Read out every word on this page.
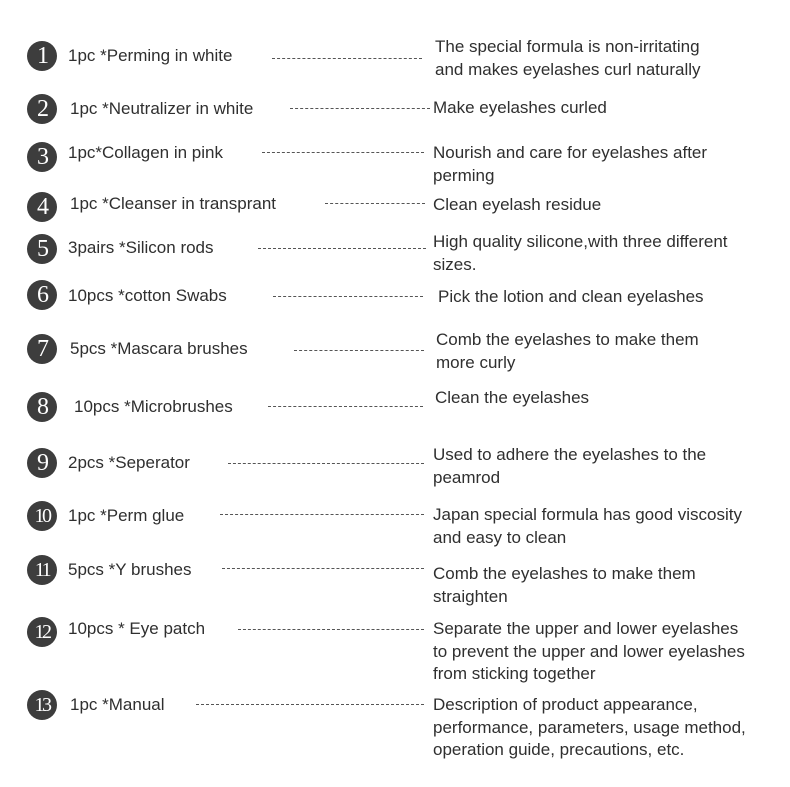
1	1pc *Perming in white	The special formula is non-irritating
and makes eyelashes curl naturally
2	1pc *Neutralizer in white	Make eyelashes curled
3	1pc*Collagen in pink	Nourish and care for eyelashes after
perming
4	1pc *Cleanser in transprant	Clean eyelash residue
5	3pairs *Silicon rods	High quality silicone,with three different
sizes.
6	10pcs *cotton Swabs	Pick the lotion and clean eyelashes
7	5pcs *Mascara brushes	Comb the eyelashes to make them
more curly
8	10pcs *Microbrushes	Clean the eyelashes
9	2pcs *Seperator	Used to adhere the eyelashes to the
peamrod
10	1pc *Perm glue	Japan special formula has good viscosity
and easy to clean
11	5pcs *Y brushes	Comb the eyelashes to make them
straighten
12	10pcs * Eye patch	Separate the upper and lower eyelashes
to prevent the upper and lower eyelashes
from sticking together
13	1pc *Manual	Description of product appearance,
performance, parameters, usage method,
operation guide, precautions, etc.
